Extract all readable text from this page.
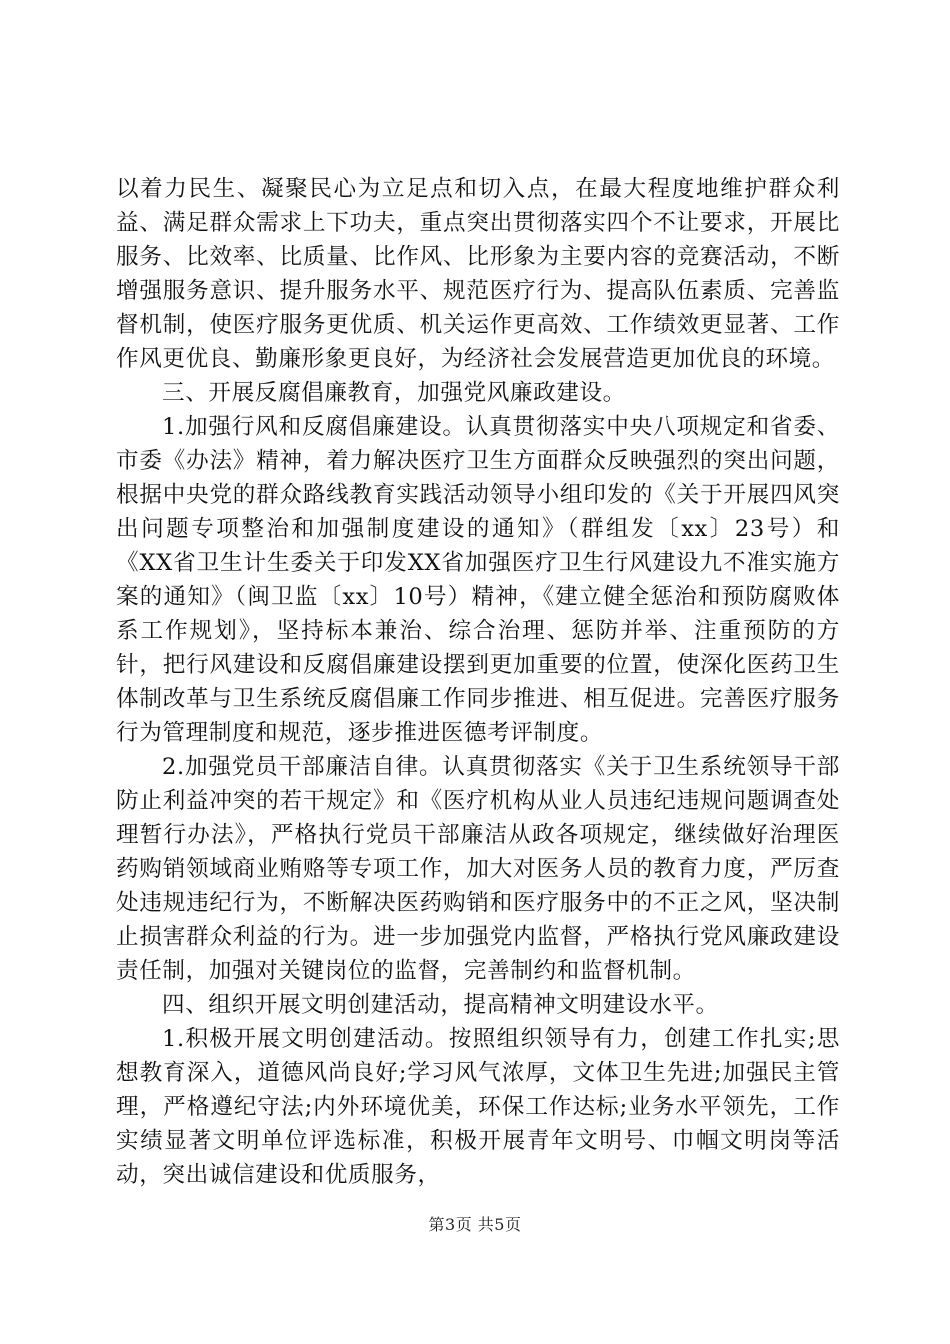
以着力民生、凝聚民心为立足点和切入点，在最大程度地维护群众利益、满足群众需求上下功夫，重点突出贯彻落实四个不让要求，开展比服务、比效率、比质量、比作风、比形象为主要内容的竞赛活动，不断增强服务意识、提升服务水平、规范医疗行为、提高队伍素质、完善监督机制，使医疗服务更优质、机关运作更高效、工作绩效更显著、工作作风更优良、勤廉形象更良好，为经济社会发展营造更加优良的环境。

三、开展反腐倡廉教育，加强党风廉政建设。

1.加强行风和反腐倡廉建设。认真贯彻落实中央八项规定和省委、市委《办法》精神，着力解决医疗卫生方面群众反映强烈的突出问题，根据中央党的群众路线教育实践活动领导小组印发的《关于开展四风突出问题专项整治和加强制度建设的通知》（群组发〔xx〕23号）和《XX省卫生计生委关于印发XX省加强医疗卫生行风建设九不准实施方案的通知》（闽卫监〔xx〕10号）精神，《建立健全惩治和预防腐败体系工作规划》，坚持标本兼治、综合治理、惩防并举、注重预防的方针，把行风建设和反腐倡廉建设摆到更加重要的位置，使深化医药卫生体制改革与卫生系统反腐倡廉工作同步推进、相互促进。完善医疗服务行为管理制度和规范，逐步推进医德考评制度。

2.加强党员干部廉洁自律。认真贯彻落实《关于卫生系统领导干部防止利益冲突的若干规定》和《医疗机构从业人员违纪违规问题调查处理暂行办法》，严格执行党员干部廉洁从政各项规定，继续做好治理医药购销领域商业贿赂等专项工作，加大对医务人员的教育力度，严厉查处违规违纪行为，不断解决医药购销和医疗服务中的不正之风，坚决制止损害群众利益的行为。进一步加强党内监督，严格执行党风廉政建设责任制，加强对关键岗位的监督，完善制约和监督机制。

四、组织开展文明创建活动，提高精神文明建设水平。

1.积极开展文明创建活动。按照组织领导有力，创建工作扎实;思想教育深入，道德风尚良好;学习风气浓厚，文体卫生先进;加强民主管理，严格遵纪守法;内外环境优美，环保工作达标;业务水平领先，工作实绩显著文明单位评选标准，积极开展青年文明号、巾帼文明岗等活动，突出诚信建设和优质服务，

第3页 共5页
